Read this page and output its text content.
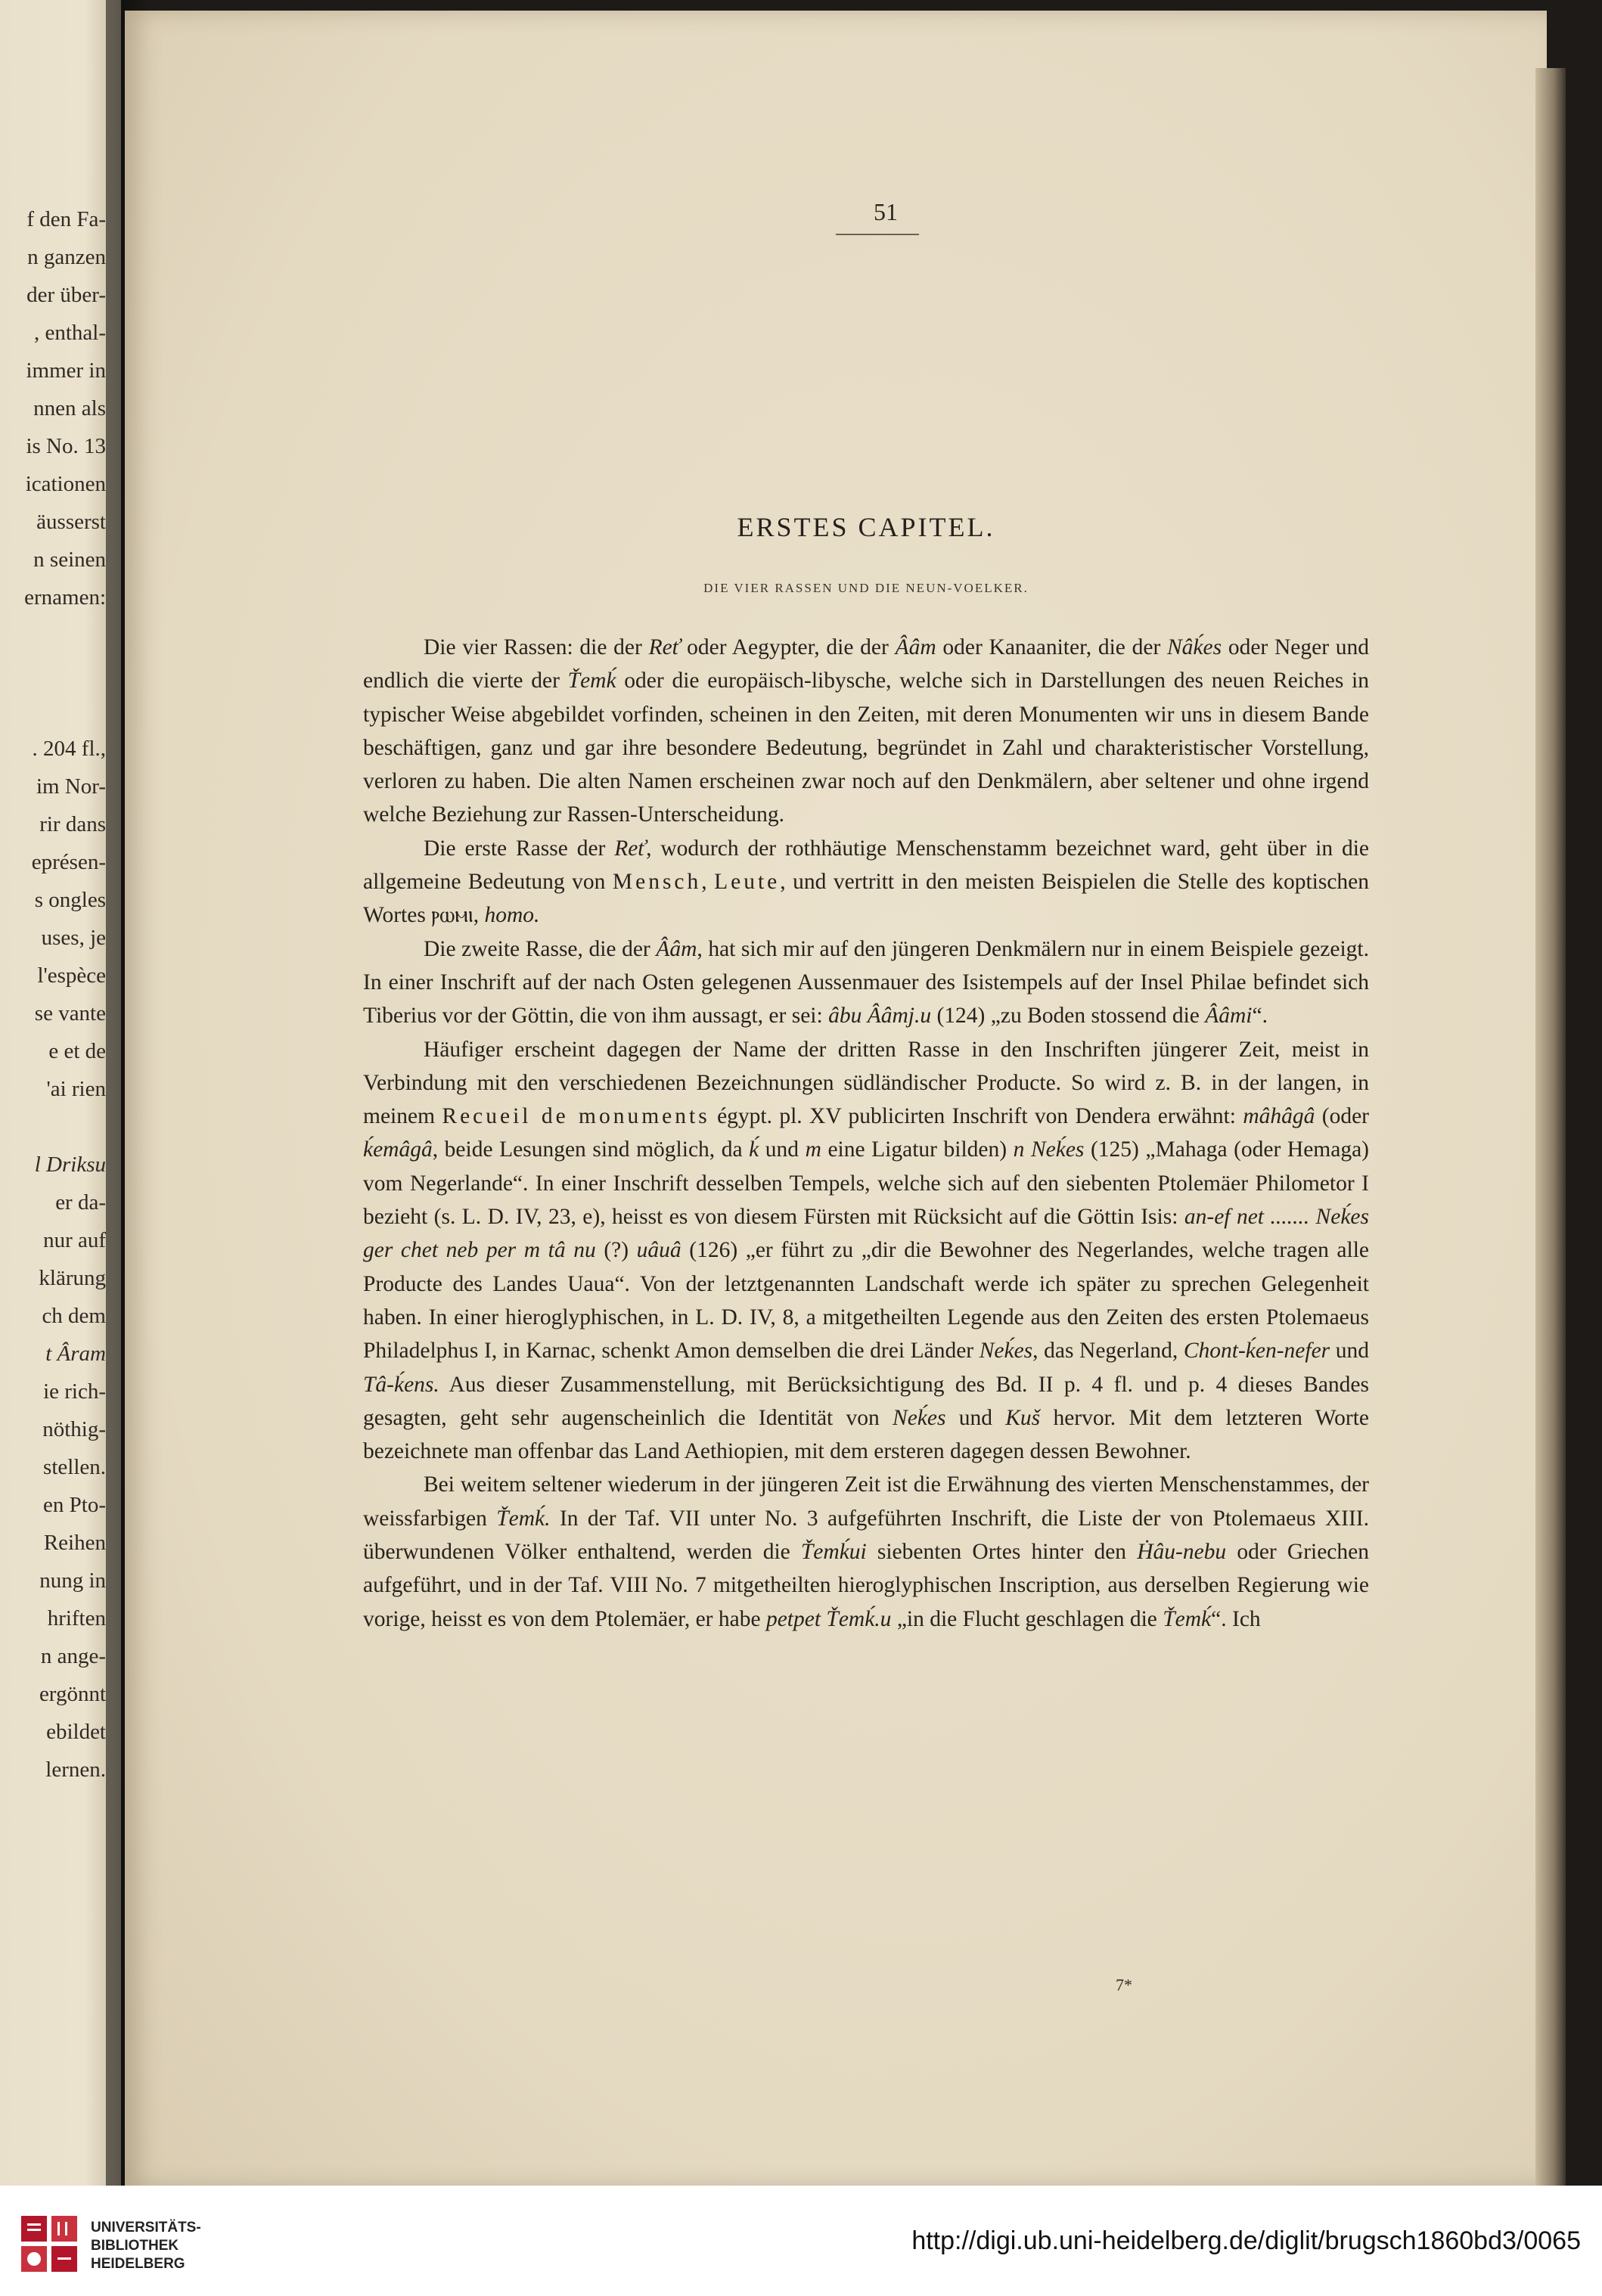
f den Fa-
n ganzen
der über-
, enthal-
immer in
nnen als
is No. 13
icationen
äusserst
n seinen
ernamen:
. 204 fl.,
im Nor-
rir dans
eprésen-
s ongles
uses, je
l'espèce
se vante
e et de
'ai rien
l Driksu
er da-
nur auf
klärung
ch dem
t Âram
ie rich-
nöthig-
stellen.
en Pto-
Reihen
nung in
hriften
n ange-
ergönnt
ebildet
lernen.
51
ERSTES CAPITEL.
DIE VIER RASSEN UND DIE NEUN-VOELKER.

Die vier Rassen: die der Reť oder Aegypter, die der Ââm oder Kanaaniter, die der Nâḱes oder Neger und endlich die vierte der Ťemḱ oder die europäisch-libysche, welche sich in Darstellungen des neuen Reiches in typischer Weise abgebildet vorfinden, scheinen in den Zeiten, mit deren Monumenten wir uns in diesem Bande beschäftigen, ganz und gar ihre besondere Bedeutung, begründet in Zahl und charakteristischer Vorstellung, verloren zu haben. Die alten Namen erscheinen zwar noch auf den Denkmälern, aber seltener und ohne irgend welche Beziehung zur Rassen-Unterscheidung.

Die erste Rasse der Reť, wodurch der rothhäutige Menschenstamm bezeichnet ward, geht über in die allgemeine Bedeutung von Mensch, Leute, und vertritt in den meisten Beispielen die Stelle des koptischen Wortes ⲣⲱⲙⲓ, homo.

Die zweite Rasse, die der Ââm, hat sich mir auf den jüngeren Denkmälern nur in einem Beispiele gezeigt. In einer Inschrift auf der nach Osten gelegenen Aussenmauer des Isistempels auf der Insel Philae befindet sich Tiberius vor der Göttin, die von ihm aussagt, er sei: âbu Ââmj.u (124) „zu Boden stossend die Ââmi“.

Häufiger erscheint dagegen der Name der dritten Rasse in den Inschriften jüngerer Zeit, meist in Verbindung mit den verschiedenen Bezeichnungen südländischer Producte. So wird z. B. in der langen, in meinem Recueil de monuments égypt. pl. XV publicirten Inschrift von Dendera erwähnt: mâhâgâ (oder ḱemâgâ, beide Lesungen sind möglich, da ḱ und m eine Ligatur bilden) n Neḱes (125) „Mahaga (oder Hemaga) vom Negerlande“. In einer Inschrift desselben Tempels, welche sich auf den siebenten Ptolemäer Philometor I bezieht (s. L. D. IV, 23, e), heisst es von diesem Fürsten mit Rücksicht auf die Göttin Isis: an-ef net ....... Neḱes ger chet neb per m tâ nu (?) uâuâ (126) „er führt zu „dir die Bewohner des Negerlandes, welche tragen alle Producte des Landes Uaua“. Von der letztgenannten Landschaft werde ich später zu sprechen Gelegenheit haben. In einer hieroglyphischen, in L. D. IV, 8, a mitgetheilten Legende aus den Zeiten des ersten Ptolemaeus Philadelphus I, in Karnac, schenkt Amon demselben die drei Länder Neḱes, das Negerland, Chont-ḱen-nefer und Tâ-ḱens. Aus dieser Zusammenstellung, mit Berücksichtigung des Bd. II p. 4 fl. und p. 4 dieses Bandes gesagten, geht sehr augenscheinlich die Identität von Neḱes und Kuš hervor. Mit dem letzteren Worte bezeichnete man offenbar das Land Aethiopien, mit dem ersteren dagegen dessen Bewohner.

Bei weitem seltener wiederum in der jüngeren Zeit ist die Erwähnung des vierten Menschenstammes, der weissfarbigen Ťemḱ. In der Taf. VII unter No. 3 aufgeführten Inschrift, die Liste der von Ptolemaeus XIII. überwundenen Völker enthaltend, werden die Ťemḱui siebenten Ortes hinter den Ḣâu-nebu oder Griechen aufgeführt, und in der Taf. VIII No. 7 mitgetheilten hieroglyphischen Inscription, aus derselben Regierung wie vorige, heisst es von dem Ptolemäer, er habe petpet Ťemḱ.u „in die Flucht geschlagen die Ťemḱ“. Ich

7*
UNIVERSITÄTS-
BIBLIOTHEK
HEIDELBERG
http://digi.ub.uni-heidelberg.de/diglit/brugsch1860bd3/0065
